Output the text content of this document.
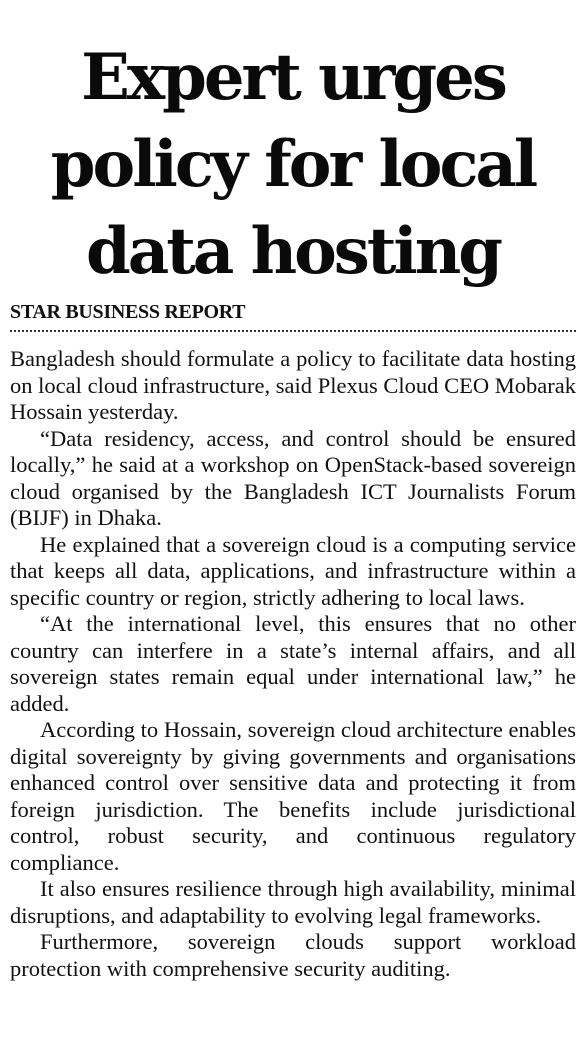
Expert urges policy for local data hosting
STAR BUSINESS REPORT

Bangladesh should formulate a policy to facilitate data hosting on local cloud infrastructure, said Plexus Cloud CEO Mobarak Hossain yesterday.

“Data residency, access, and control should be ensured locally,” he said at a workshop on OpenStack-based sovereign cloud organised by the Bangladesh ICT Journalists Forum (BIJF) in Dhaka.

He explained that a sovereign cloud is a computing service that keeps all data, applications, and infrastructure within a specific country or region, strictly adhering to local laws.

“At the international level, this ensures that no other country can interfere in a state’s internal affairs, and all sovereign states remain equal under international law,” he added.

According to Hossain, sovereign cloud architecture enables digital sovereignty by giving governments and organisations enhanced control over sensitive data and protecting it from foreign jurisdiction. The benefits include jurisdictional control, robust security, and continuous regulatory compliance.

It also ensures resilience through high availability, minimal disruptions, and adaptability to evolving legal frameworks.

Furthermore, sovereign clouds support workload protection with comprehensive security auditing.
